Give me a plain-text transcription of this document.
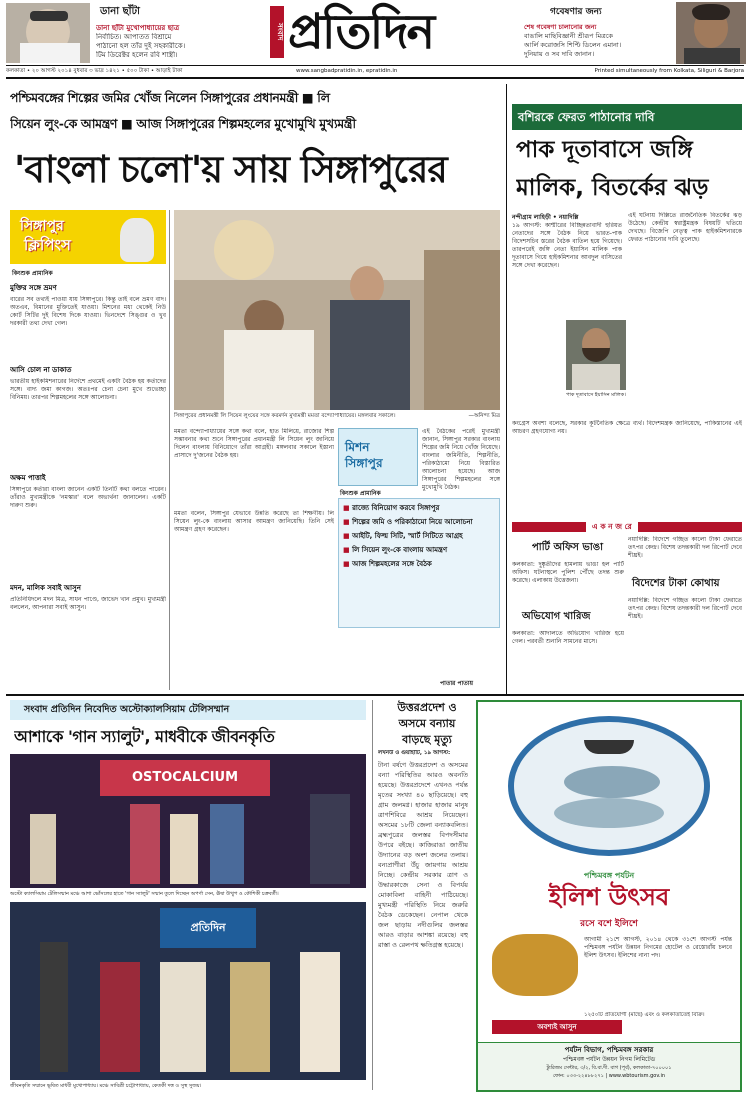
ডানা ছাঁটা
ডানা ছাঁটা মুখোপাধ্যায়ের ছাত্র
নির্বাচিত। আপাতত বিশ্রামে
পাঠানো হল তাঁর দুই সহকারীকে।
টিম ডিরেক্টর হলেন রবি শাস্ত্রী।
সংবাদ প্রতিদিন	গবেষণার জন্য
শেষ গবেষণা চালানোর জন্য
বাঙালি মাছিবিজ্ঞানী শ্রীরূপ মিত্রকে
আর্লি করোজসি শিপ্টি ডিলেন এমানা।
দুনিয়ায় ও সব দাবি জানান।
কলকাতা • ২০ আগস্ট ২০১৪ বুধবার ৩ ভাদ্র ১৪২১ • ৫০০ টাকা • আড়াই টাকা	www.sangbadpratidin.in, epratidin.in	Printed simultaneously from Kolkata, Siliguri & Barjora
পশ্চিমবঙ্গের শিল্পের জমির খোঁজ নিলেন সিঙ্গাপুরের প্রধানমন্ত্রী ■ লি
সিয়েন লুং-কে আমন্ত্রণ ■ আজ সিঙ্গাপুরের শিল্পমহলের মুখোমুখি মুখ্যমন্ত্রী
'বাংলা চলো'য় সায় সিঙ্গাপুরের
সিঙ্গাপুর
ক্লিপিংস
কিংশুক প্রামানিক
মুক্তির সঙ্গে ভ্রমণ
বারের সব তথ্যই পাওয়া যায় সিঙ্গাপুরে। কিন্তু তাই বলে ভ্রমণ বাদ। অতএব, বিমানের মুক্তিতেই যাওয়া। মিশনের মধ্য থেকেই নিউ কোর্ট সিটির দুই বিশেষ দিকে যাওয়া। ভিনদেশে সিঙ্গুর ও খুব দরকারী তথ্য দেখা গেল।
আসি চোল না ডাকাত
ভারতীয় হাইকমিশনারের নির্দেশে প্রথমেই একটা বৈঠক হয় কর্তাদের সঙ্গে। বাদ্য জমা কাগজ। অতঃপর চেনা চেনা মুখে শুভেচ্ছা বিনিময়। তারপর শিল্পমহলের সঙ্গে আলোচনা।
অক্ষম পাত্তাই
সিঙ্গাপুরে কর্তারা বাংলা জানেন একটি তিনটি কথা বলতে পারেন। তাঁরাও মুখ্যমন্ত্রীকে 'নমস্কার' বলে অভ্যর্থনা জানালেন। একটি দারুণ শুরু।
মদন, মালিক সবাই আসুন
প্রতিনিধিদলে মদন মিত্র, সাধন পাণ্ডে, জাভেদ খান প্রমুখ। মুখ্যমন্ত্রী বললেন, আপনারা সবাই আসুন।
সিঙ্গাপুরের প্রধানমন্ত্রী লি সিয়েন লুংয়ের সঙ্গে করমর্দন মুখ্যমন্ত্রী মমতা বন্দ্যোপাধ্যায়ের। মঙ্গলবার সকালে।	—অনিন্দ্য মিত্র
মমতা বন্দ্যোপাধ্যায়ের সঙ্গে কথা বলে, হাত মিলিয়ে, রাজ্যের শিল্প সম্ভাবনার কথা শুনে সিঙ্গাপুরের প্রধানমন্ত্রী লি সিয়েন লুং জানিয়ে দিলেন বাংলায় বিনিয়োগে তাঁরা আগ্রহী। মঙ্গলবার সকালে ইস্তানা প্রাসাদে দু'জনের বৈঠক হয়।
মিশন
সিঙ্গাপুর
কিংশুক প্রামানিক
এই বৈঠকের পরেই মুখ্যমন্ত্রী জানান, সিঙ্গাপুর সরকার বাংলায় শিল্পের জমি নিয়ে খোঁজ নিয়েছে। বাংলার জমিনীতি, শিল্পনীতি, পরিকাঠামো নিয়ে বিস্তারিত আলোচনা হয়েছে। আজ সিঙ্গাপুরের শিল্পমহলের সঙ্গে মুখোমুখি বৈঠক।
মমতা বলেন, সিঙ্গাপুর যেভাবে উন্নতি করেছে তা শিক্ষণীয়। লি সিয়েন লুং-কে বাংলায় আসার আমন্ত্রণ জানিয়েছি। তিনি সেই আমন্ত্রণ গ্রহণ করেছেন।
■ রাজ্যে বিনিয়োগ করবে সিঙ্গাপুর
■ শিল্পের জমি ও পরিকাঠামো নিয়ে আলোচনা
■ আইটি, ফিল্ম সিটি, স্মার্ট সিটিতে আগ্রহ
■ লি সিয়েন লুং-কে বাংলায় আমন্ত্রণ
■ আজ শিল্পমহলের সঙ্গে বৈঠক
পাতার পাতায়
বশিরকে ফেরত পাঠানোর দাবি
পাক দূতাবাসে জঙ্গি
মালিক, বিতর্কের ঝড়
নন্দীগ্রাম লাহিড়ী • নয়াদিল্লি
১৯ আগস্ট: কাশ্মীরের বিচ্ছিন্নতাবাদী হুরিয়ত নেতাদের সঙ্গে বৈঠক নিয়ে ভারত-পাক বিদেশসচিব স্তরের বৈঠক বাতিল হয়ে গিয়েছে। তারপরেই জঙ্গি নেতা ইয়াসিন মালিক পাক দূতাবাসে গিয়ে হাইকমিশনার আবদুল বাসিতের সঙ্গে দেখা করেছেন।
এই ঘটনায় দিল্লিতে রাজনৈতিক বিতর্কের ঝড় উঠেছে। কেন্দ্রীয় স্বরাষ্ট্রমন্ত্রক বিষয়টি খতিয়ে দেখছে। বিজেপি নেতৃত্ব পাক হাইকমিশনারকে ফেরত পাঠানোর দাবি তুলেছে।
পাক দূতাবাসে ইয়াসিন মালিক।
কংগ্রেস অবশ্য বলেছে, সরকার কূটনৈতিক ক্ষেত্রে ব্যর্থ। বিদেশমন্ত্রক জানিয়েছে, পাকিস্তানের এই আচরণ গ্রহণযোগ্য নয়।
এ ক ন জ রে
পার্টি অফিস ভাঙা
কলকাতা: দুষ্কৃতীদের হামলায় ভাঙা হল পার্টি অফিস। ঘটনাস্থলে পুলিশ পৌঁছে তদন্ত শুরু করেছে। এলাকায় উত্তেজনা।
অভিযোগ খারিজ
কলকাতা: আদালতে অভিযোগ খারিজ হয়ে গেল। পরবর্তী শুনানি সামনের মাসে।
নয়াদিল্লি: বিদেশে গচ্ছিত কালো টাকা ফেরাতে তৎপর কেন্দ্র। বিশেষ তদন্তকারী দল রিপোর্ট দেবে শীঘ্রই।
বিদেশের টাকা কোথায়
নয়াদিল্লি: বিদেশে গচ্ছিত কালো টাকা ফেরাতে তৎপর কেন্দ্র। বিশেষ তদন্তকারী দল রিপোর্ট দেবে শীঘ্রই।
সংবাদ প্রতিদিন নিবেদিত অস্টোক্যালসিয়াম টেলিসম্মান
আশাকে 'গান স্যালুট', মাধবীকে জীবনকৃতি
OSTOCALCIUM
অস্টো ক্যালসিয়াম টেলিসম্মান মঞ্চে আশা ভোঁসলের হাতে 'গান স্যালুট' সম্মান তুলে দিচ্ছেন অপর্ণা সেন, ঊষা উত্থুপ ও কৌশিকী চক্রবর্তী।
প্রতিদিন
জীবনকৃতি সম্মানে ভূষিত মাধবী মুখোপাধ্যায়। মঞ্চে সাবিত্রী চট্টোপাধ্যায়, কেতকী দত্ত ও সুস্থ সুজয়।
উত্তরপ্রদেশ ও
অসমে বন্যায়
বাড়ছে মৃত্যু
লখনউ ও গুয়াহাটি, ১৯ আগস্ট:
টানা বর্ষণে উত্তরপ্রদেশ ও অসমের বন্যা পরিস্থিতির আরও অবনতি হয়েছে। উত্তরপ্রদেশে এখনও পর্যন্ত মৃতের সংখ্যা ৪০ ছাড়িয়েছে। বহু গ্রাম জলমগ্ন। হাজার হাজার মানুষ ত্রাণশিবিরে আশ্রয় নিয়েছেন। অসমের ১৮টি জেলা বন্যাকবলিত। ব্রহ্মপুত্রের জলস্তর বিপদসীমার উপরে বইছে। কাজিরাঙা জাতীয় উদ্যানের বড় অংশ জলের তলায়। বন্যপ্রাণীরা উঁচু জায়গায় আশ্রয় নিচ্ছে। কেন্দ্রীয় সরকার ত্রাণ ও উদ্ধারকাজে সেনা ও বিপর্যয় মোকাবিলা বাহিনী পাঠিয়েছে। মুখ্যমন্ত্রী পরিস্থিতি নিয়ে জরুরি বৈঠক ডেকেছেন। নেপাল থেকে জল ছাড়ায় নদীগুলির জলস্তর আরও বাড়ার আশঙ্কা রয়েছে। বহু রাস্তা ও রেলপথ ক্ষতিগ্রস্ত হয়েছে।
পশ্চিমবঙ্গ পর্যটন
ইলিশ উৎসব
রসে বশে ইলিশে
আগামী ২১শে আগস্ট, ২০১৪ থেকে ৩১শে আগস্ট পর্যন্ত পশ্চিমবঙ্গ পর্যটন উন্নয়ন নিগমের হোটেল ও রেস্তোরাঁয় চলবে ইলিশ উৎসব। ইলিশের নানা পদ।
১২৫০টি প্রতিযোগী (মাছে) এবং ও কলকাতাতেই বিক্রি।
অবশ্যই আসুন
পর্যটন বিভাগ, পশ্চিমবঙ্গ সরকার
পশ্চিমবঙ্গ পর্যটন উন্নয়ন নিগম লিমিটেড
ট্যুরিজম সেন্টার, ৩/২, বি.বা.দী. বাগ (পূর্ব), কলকাতা-৭০০০০১
ফোন: ০৩৩-২২৪৮৮২৭১ | www.wbtourism.gov.in
